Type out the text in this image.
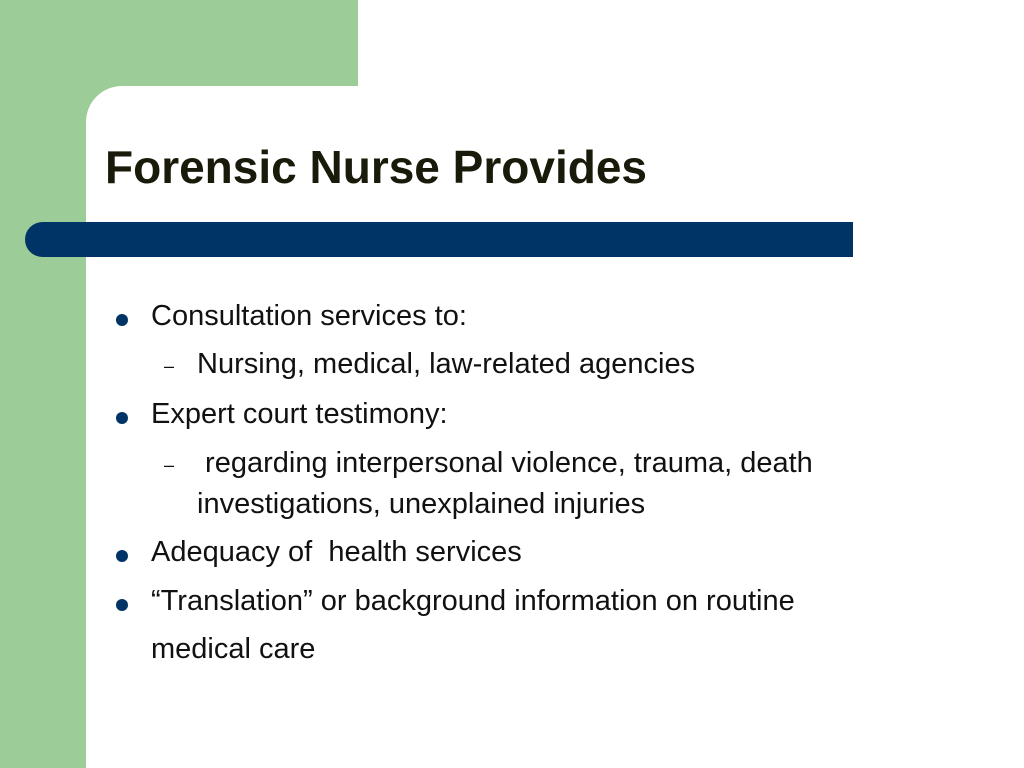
Forensic Nurse Provides

Consultation services to:

– Nursing, medical, law-related agencies

Expert court testimony:

– regarding interpersonal violence, trauma, death

investigations, unexplained injuries

Adequacy of  health services

“Translation” or background information on routine

medical care
